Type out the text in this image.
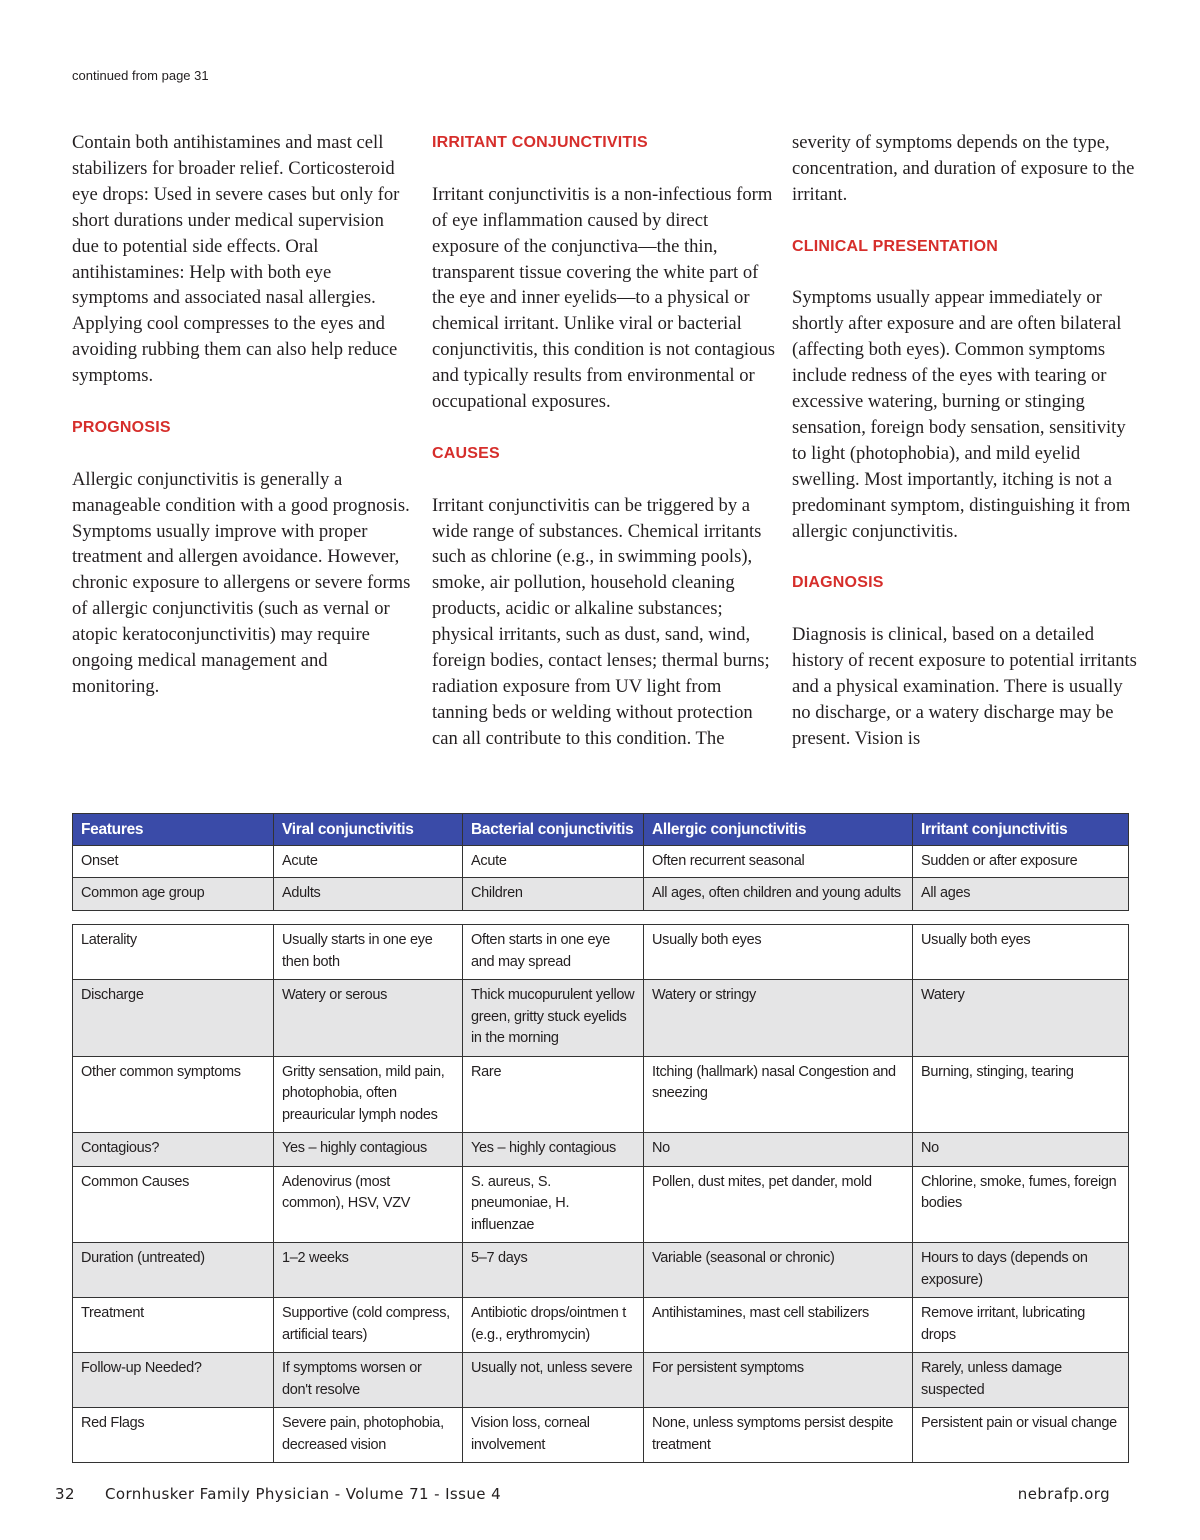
continued from page 31

Contain both antihistamines and mast cell stabilizers for broader relief. Corticosteroid eye drops: Used in severe cases but only for short durations under medical supervision due to potential side effects. Oral antihistamines: Help with both eye symptoms and associated nasal allergies. Applying cool compresses to the eyes and avoiding rubbing them can also help reduce symptoms.

PROGNOSIS

Allergic conjunctivitis is generally a manageable condition with a good prognosis. Symptoms usually improve with proper treatment and allergen avoidance. However, chronic exposure to allergens or severe forms of allergic conjunctivitis (such as vernal or atopic keratoconjunctivitis) may require ongoing medical management and monitoring.

IRRITANT CONJUNCTIVITIS

Irritant conjunctivitis is a non-infectious form of eye inflammation caused by direct exposure of the conjunctiva—the thin, transparent tissue covering the white part of the eye and inner eyelids—to a physical or chemical irritant. Unlike viral or bacterial conjunctivitis, this condition is not contagious and typically results from environmental or occupational exposures.

CAUSES

Irritant conjunctivitis can be triggered by a wide range of substances. Chemical irritants such as chlorine (e.g., in swimming pools), smoke, air pollution, household cleaning products, acidic or alkaline substances; physical irritants, such as dust, sand, wind, foreign bodies, contact lenses; thermal burns; radiation exposure from UV light from tanning beds or welding without protection can all contribute to this condition. The

severity of symptoms depends on the type, concentration, and duration of exposure to the irritant.

CLINICAL PRESENTATION

Symptoms usually appear immediately or shortly after exposure and are often bilateral (affecting both eyes). Common symptoms include redness of the eyes with tearing or excessive watering, burning or stinging sensation, foreign body sensation, sensitivity to light (photophobia), and mild eyelid swelling. Most importantly, itching is not a predominant symptom, distinguishing it from allergic conjunctivitis.

DIAGNOSIS

Diagnosis is clinical, based on a detailed history of recent exposure to potential irritants and a physical examination. There is usually no discharge, or a watery discharge may be present. Vision is

Features	Viral conjunctivitis	Bacterial conjunctivitis	Allergic conjunctivitis	Irritant conjunctivitis
Onset	Acute	Acute	Often recurrent seasonal	Sudden or after exposure
Common age group	Adults	Children	All ages, often children and young adults	All ages
Laterality	Usually starts in one eye then both	Often starts in one eye and may spread	Usually both eyes	Usually both eyes
Discharge	Watery or serous	Thick mucopurulent yellow green, gritty stuck eyelids in the morning	Watery or stringy	Watery
Other common symptoms	Gritty sensation, mild pain, photophobia, often preauricular lymph nodes	Rare	Itching (hallmark) nasal Congestion and sneezing	Burning, stinging, tearing
Contagious?	Yes – highly contagious	Yes – highly contagious	No	No
Common Causes	Adenovirus (most common), HSV, VZV	S. aureus, S. pneumoniae, H. influenzae	Pollen, dust mites, pet dander, mold	Chlorine, smoke, fumes, foreign bodies
Duration (untreated)	1–2 weeks	5–7 days	Variable (seasonal or chronic)	Hours to days (depends on exposure)
Treatment	Supportive (cold compress, artificial tears)	Antibiotic drops/ointmen t (e.g., erythromycin)	Antihistamines, mast cell stabilizers	Remove irritant, lubricating drops
Follow-up Needed?	If symptoms worsen or don't resolve	Usually not, unless severe	For persistent symptoms	Rarely, unless damage suspected
Red Flags	Severe pain, photophobia, decreased vision	Vision loss, corneal involvement	None, unless symptoms persist despite treatment	Persistent pain or visual change
32 Cornhusker Family Physician - Volume 71 - Issue 4	nebrafp.org
